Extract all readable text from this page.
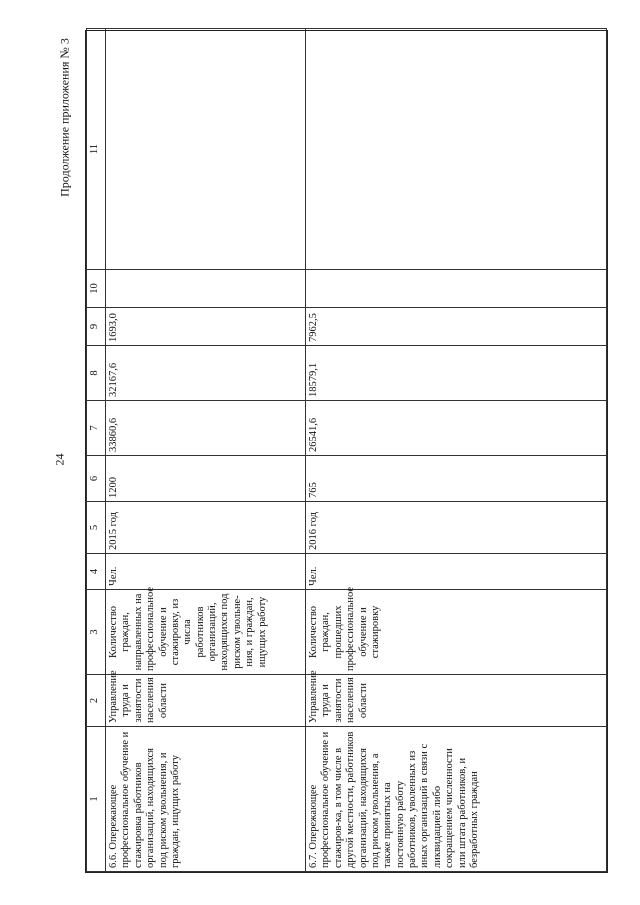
24
Продолжение приложения № 3
1	2	3	4	5	6	7	8	9	10	11
6.6. Опережающее профессиональное обучение и стажировка работников организаций, находящихся под риском увольнения, и граждан, ищущих работу	Управление труда и занятости населения области	Количество граждан, направленных на профессиональное обучение и стажировку, из числа работников организаций, находящихся под риском увольне-ния, и граждан, ищущих работу	Чел.	2015 год	1200	33860,6	32167,6	1693,0		
6.7. Опережающее профессиональное обучение и стажиров-ка, в том числе в другой местности, работников организаций, находящихся под риском увольнения, а также принятых на постоянную работу работников, уволенных из иных организаций в связи с ликвидацией либо сокращением численности или штата работников, и безработных граждан	Управление труда и занятости населения области	Количество граждан, прошедших профессиональное обучение и стажировку	Чел.	2016 год	765	26541,6	18579,1	7962,5		
